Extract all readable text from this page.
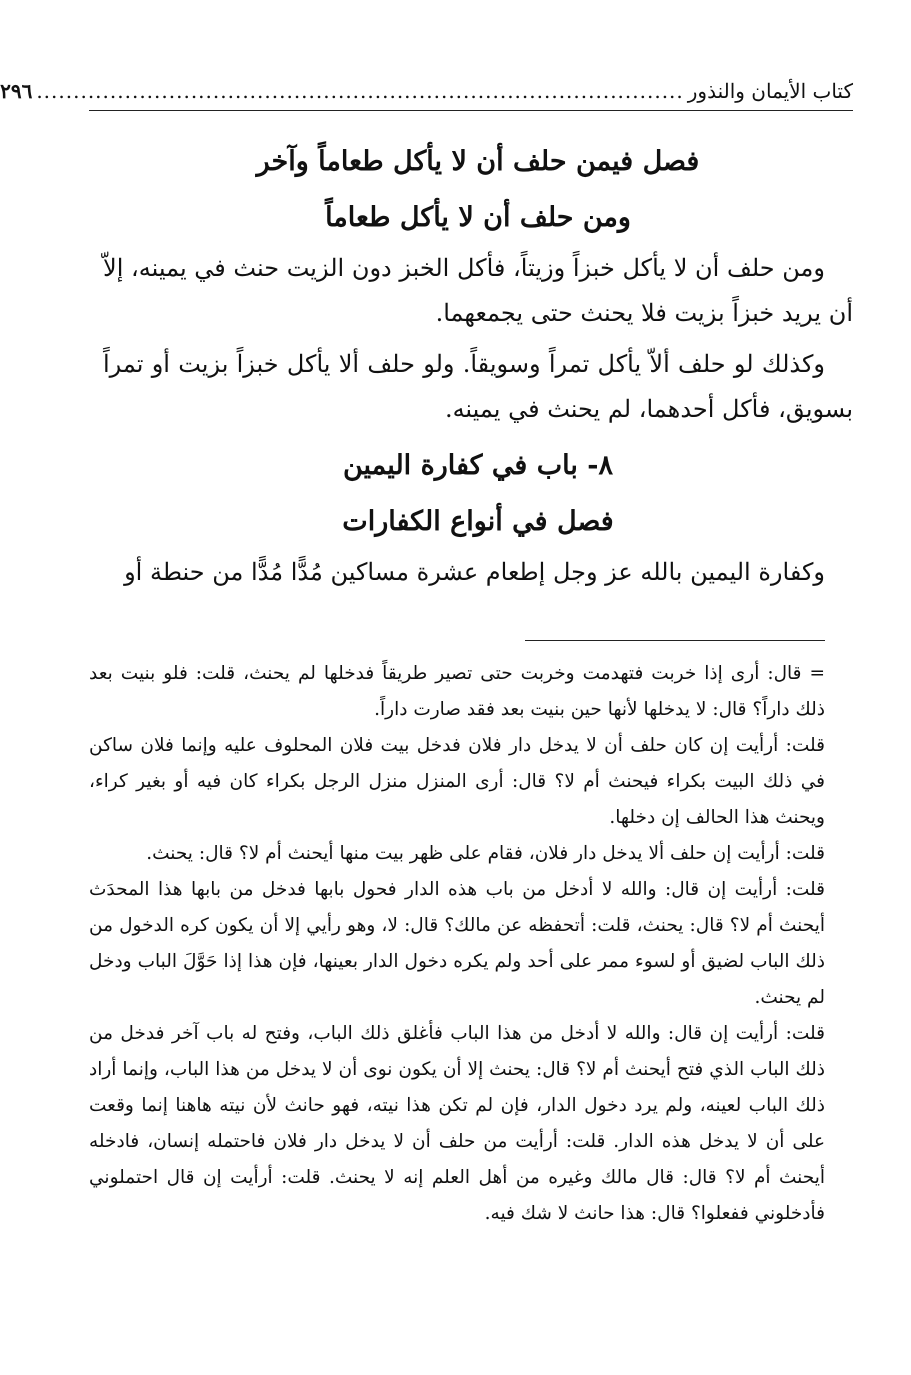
كتاب الأيمان والنذور
........................................................................................
٢٩٦

فصل فيمن حلف أن لا يأكل طعاماً وآخر

ومن حلف أن لا يأكل طعاماً

ومن حلف أن لا يأكل خبزاً وزيتاً، فأكل الخبز دون الزيت حنث في يمينه، إلاّ أن يريد خبزاً بزيت فلا يحنث حتى يجمعهما.

وكذلك لو حلف ألاّ يأكل تمراً وسويقاً. ولو حلف ألا يأكل خبزاً بزيت أو تمراً بسويق، فأكل أحدهما، لم يحنث في يمينه.

٨- باب في كفارة اليمين

فصل في أنواع الكفارات

وكفارة اليمين بالله عز وجل إطعام عشرة مساكين مُدًّا مُدًّا من حنطة أو

= قال: أرى إذا خربت فتهدمت وخربت حتى تصير طريقاً فدخلها لم يحنث، قلت: فلو بنيت بعد ذلك داراً؟ قال: لا يدخلها لأنها حين بنيت بعد فقد صارت داراً.

قلت: أرأيت إن كان حلف أن لا يدخل دار فلان فدخل بيت فلان المحلوف عليه وإنما فلان ساكن في ذلك البيت بكراء فيحنث أم لا؟ قال: أرى المنزل منزل الرجل بكراء كان فيه أو بغير كراء، ويحنث هذا الحالف إن دخلها.

قلت: أرأيت إن حلف ألا يدخل دار فلان، فقام على ظهر بيت منها أيحنث أم لا؟ قال: يحنث.

قلت: أرأيت إن قال: والله لا أدخل من باب هذه الدار فحول بابها فدخل من بابها هذا المحدَث أيحنث أم لا؟ قال: يحنث، قلت: أتحفظه عن مالك؟ قال: لا، وهو رأيي إلا أن يكون كره الدخول من ذلك الباب لضيق أو لسوء ممر على أحد ولم يكره دخول الدار بعينها، فإن هذا إذا حَوَّلَ الباب ودخل لم يحنث.

قلت: أرأيت إن قال: والله لا أدخل من هذا الباب فأغلق ذلك الباب، وفتح له باب آخر فدخل من ذلك الباب الذي فتح أيحنث أم لا؟ قال: يحنث إلا أن يكون نوى أن لا يدخل من هذا الباب، وإنما أراد ذلك الباب لعينه، ولم يرد دخول الدار، فإن لم تكن هذا نيته، فهو حانث لأن نيته هاهنا إنما وقعت على أن لا يدخل هذه الدار. قلت: أرأيت من حلف أن لا يدخل دار فلان فاحتمله إنسان، فادخله أيحنث أم لا؟ قال: قال مالك وغيره من أهل العلم إنه لا يحنث. قلت: أرأيت إن قال احتملوني فأدخلوني ففعلوا؟ قال: هذا حانث لا شك فيه.
